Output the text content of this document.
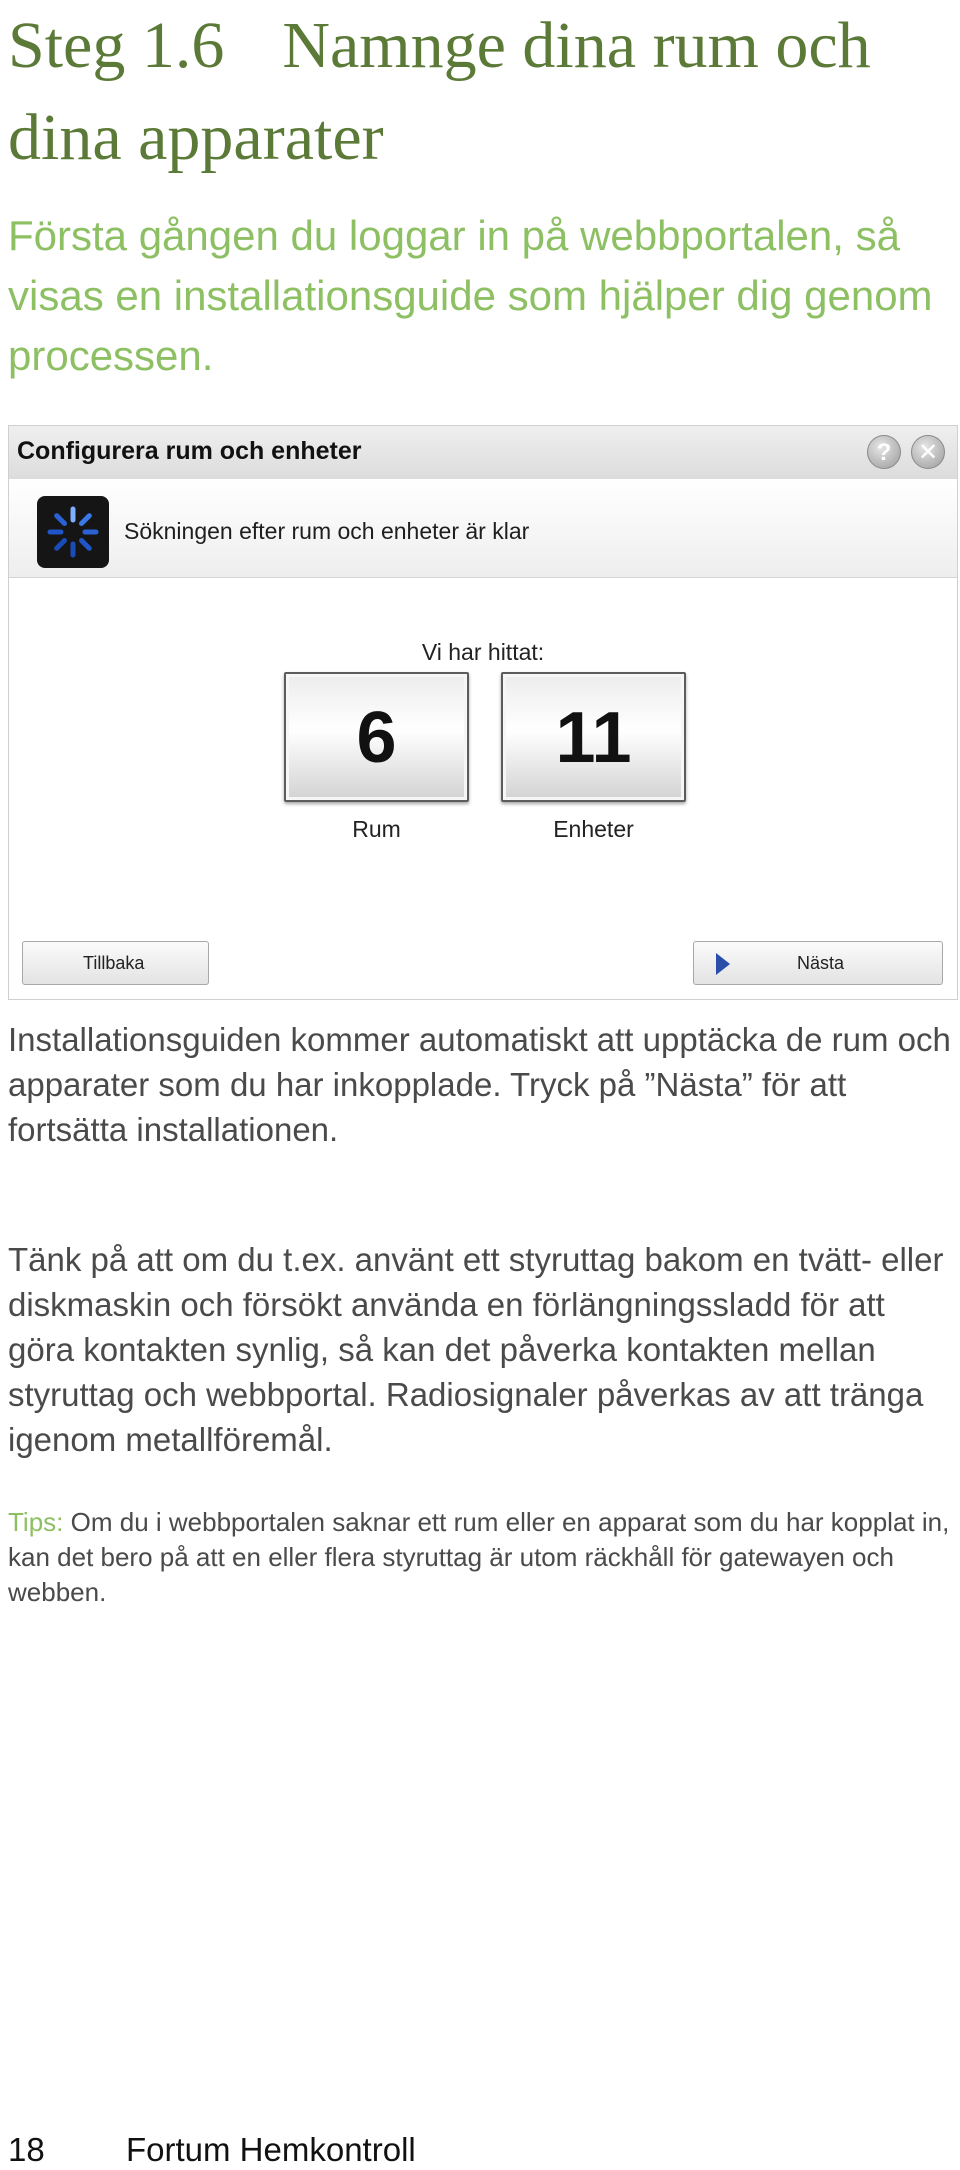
Steg 1.6 Namnge dina rum och dina apparater
Första gången du loggar in på webbportalen, så visas en installationsguide som hjälper dig genom processen.
Configurera rum och enheter	?	✕
Sökningen efter rum och enheter är klar
Vi har hittat:
6	11
Rum	Enheter
Tillbaka	Nästa
Installationsguiden kommer automatiskt att upptäcka de rum och apparater som du har inkopplade. Tryck på ”Nästa” för att fortsätta installationen.
Tänk på att om du t.ex. använt ett styruttag bakom en tvätt- eller diskmaskin och försökt använda en förlängningssladd för att göra kontakten synlig, så kan det påverka kontakten mellan styruttag och webbportal. Radiosignaler påverkas av att tränga igenom metallföremål.
Tips: Om du i webbportalen saknar ett rum eller en apparat som du har kopplat in, kan det bero på att en eller flera styruttag är utom räckhåll för gatewayen och webben.
18 Fortum Hemkontroll
